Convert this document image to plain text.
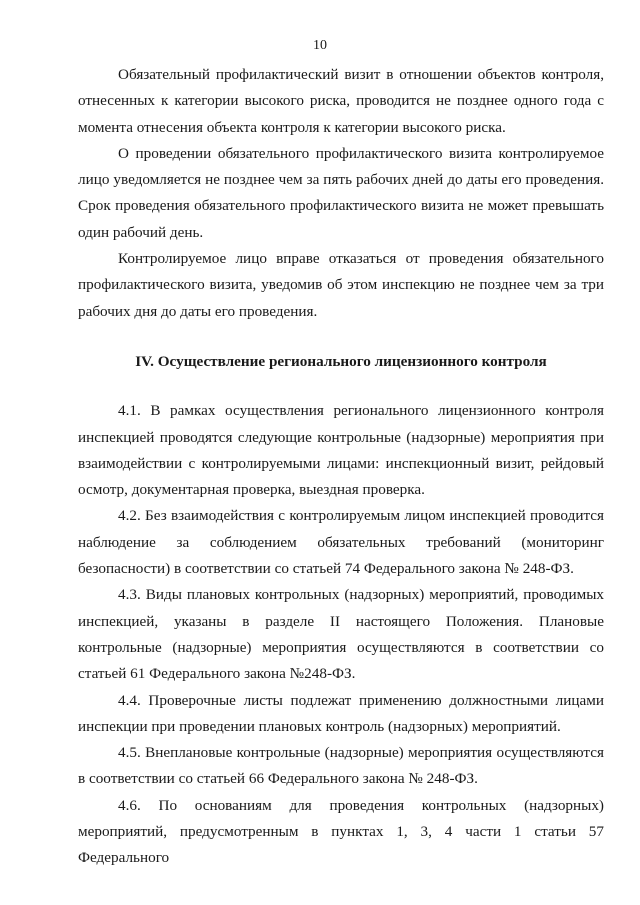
10

Обязательный профилактический визит в отношении объектов контроля, отнесенных к категории высокого риска, проводится не позднее одного года с момента отнесения объекта контроля к категории высокого риска.

О проведении обязательного профилактического визита контролируемое лицо уведомляется не позднее чем за пять рабочих дней до даты его проведения. Срок проведения обязательного профилактического визита не может превышать один рабочий день.

Контролируемое лицо вправе отказаться от проведения обязательного профилактического визита, уведомив об этом инспекцию не позднее чем за три рабочих дня до даты его проведения.

IV. Осуществление регионального лицензионного контроля

4.1. В рамках осуществления регионального лицензионного контроля инспекцией проводятся следующие контрольные (надзорные) мероприятия при взаимодействии с контролируемыми лицами: инспекционный визит, рейдовый осмотр, документарная проверка, выездная проверка.

4.2. Без взаимодействия с контролируемым лицом инспекцией проводится наблюдение за соблюдением обязательных требований (мониторинг безопасности) в соответствии со статьей 74 Федерального закона № 248-ФЗ.

4.3. Виды плановых контрольных (надзорных) мероприятий, проводимых инспекцией, указаны в разделе II настоящего Положения. Плановые контрольные (надзорные) мероприятия осуществляются в соответствии со статьей 61 Федерального закона №248-ФЗ.

4.4. Проверочные листы подлежат применению должностными лицами инспекции при проведении плановых контроль (надзорных) мероприятий.

4.5. Внеплановые контрольные (надзорные) мероприятия осуществляются в соответствии со статьей 66 Федерального закона № 248-ФЗ.

4.6. По основаниям для проведения контрольных (надзорных) мероприятий, предусмотренным в пунктах 1, 3, 4 части 1 статьи 57 Федерального
